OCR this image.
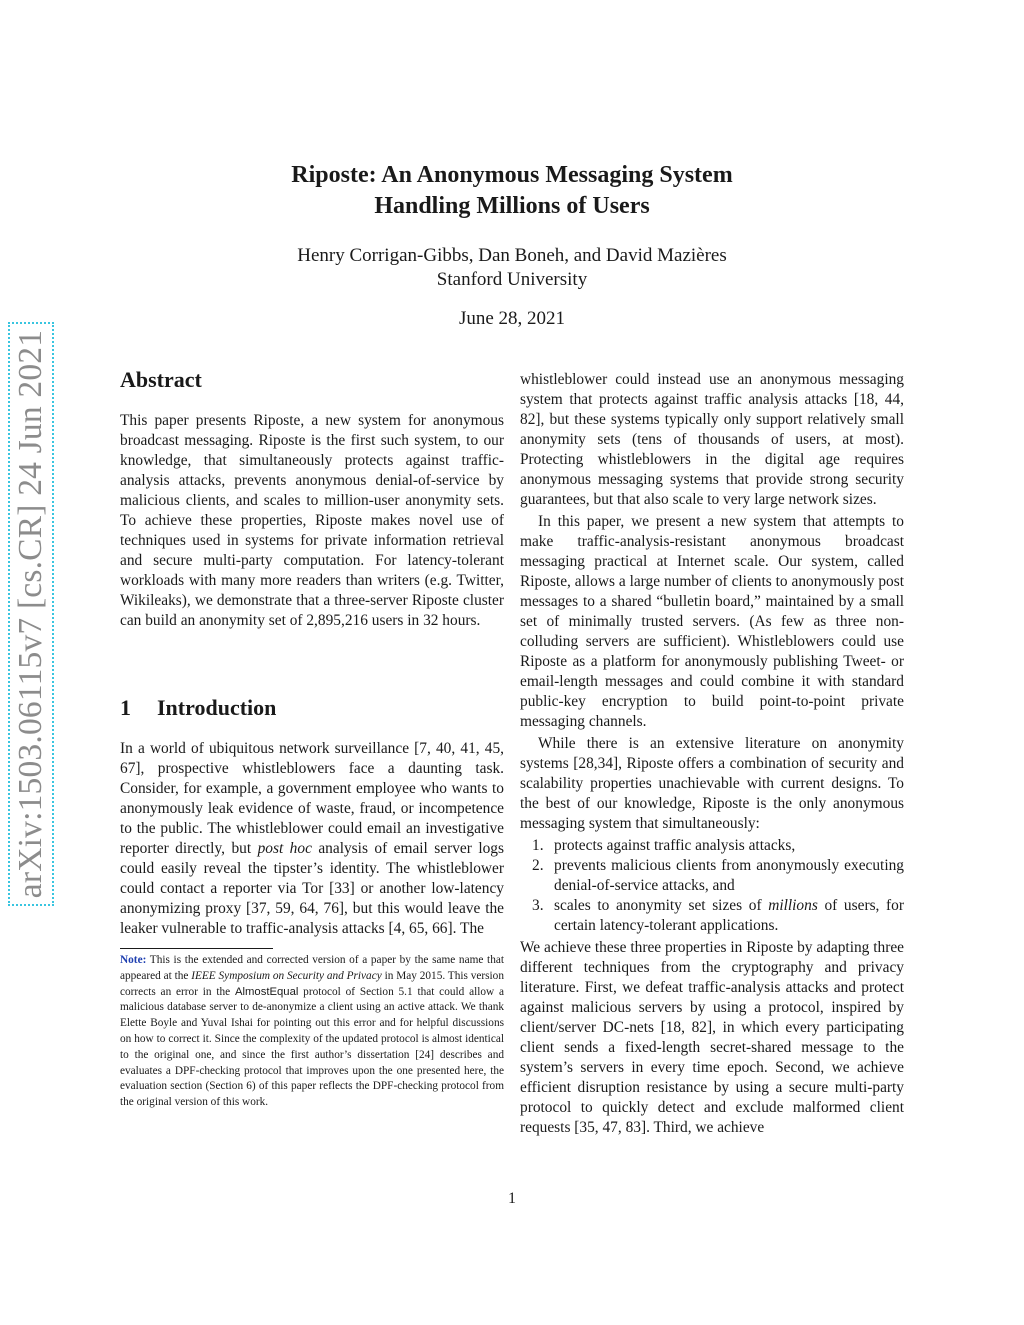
arXiv:1503.06115v7 [cs.CR] 24 Jun 2021
Riposte: An Anonymous Messaging System
Handling Millions of Users
Henry Corrigan-Gibbs, Dan Boneh, and David Mazières
Stanford University
June 28, 2021
Abstract

This paper presents Riposte, a new system for anonymous broadcast messaging. Riposte is the first such system, to our knowledge, that simultaneously protects against traffic-analysis attacks, prevents anonymous denial-of-service by malicious clients, and scales to million-user anonymity sets. To achieve these properties, Riposte makes novel use of techniques used in systems for private information retrieval and secure multi-party computation. For latency-tolerant workloads with many more readers than writers (e.g. Twitter, Wikileaks), we demonstrate that a three-server Riposte cluster can build an anonymity set of 2,895,216 users in 32 hours.

1 Introduction

In a world of ubiquitous network surveillance [7, 40, 41, 45, 67], prospective whistleblowers face a daunting task. Consider, for example, a government employee who wants to anonymously leak evidence of waste, fraud, or incompetence to the public. The whistleblower could email an investigative reporter directly, but post hoc analysis of email server logs could easily reveal the tipster’s identity. The whistleblower could contact a reporter via Tor [33] or another low-latency anonymizing proxy [37, 59, 64, 76], but this would leave the leaker vulnerable to traffic-analysis attacks [4, 65, 66]. The

Note: This is the extended and corrected version of a paper by the same name that appeared at the IEEE Symposium on Security and Privacy in May 2015. This version corrects an error in the AlmostEqual protocol of Section 5.1 that could allow a malicious database server to de-anonymize a client using an active attack. We thank Elette Boyle and Yuval Ishai for pointing out this error and for helpful discussions on how to correct it. Since the complexity of the updated protocol is almost identical to the original one, and since the first author’s dissertation [24] describes and evaluates a DPF-checking protocol that improves upon the one presented here, the evaluation section (Section 6) of this paper reflects the DPF-checking protocol from the original version of this work.

whistleblower could instead use an anonymous messaging system that protects against traffic analysis attacks [18, 44, 82], but these systems typically only support relatively small anonymity sets (tens of thousands of users, at most). Protecting whistleblowers in the digital age requires anonymous messaging systems that provide strong security guarantees, but that also scale to very large network sizes.

In this paper, we present a new system that attempts to make traffic-analysis-resistant anonymous broadcast messaging practical at Internet scale. Our system, called Riposte, allows a large number of clients to anonymously post messages to a shared “bulletin board,” maintained by a small set of minimally trusted servers. (As few as three non-colluding servers are sufficient). Whistleblowers could use Riposte as a platform for anonymously publishing Tweet- or email-length messages and could combine it with standard public-key encryption to build point-to-point private messaging channels.

While there is an extensive literature on anonymity systems [28,34], Riposte offers a combination of security and scalability properties unachievable with current designs. To the best of our knowledge, Riposte is the only anonymous messaging system that simultaneously:

1. protects against traffic analysis attacks,
2. prevents malicious clients from anonymously executing denial-of-service attacks, and
3. scales to anonymity set sizes of millions of users, for certain latency-tolerant applications.

We achieve these three properties in Riposte by adapting three different techniques from the cryptography and privacy literature. First, we defeat traffic-analysis attacks and protect against malicious servers by using a protocol, inspired by client/server DC-nets [18, 82], in which every participating client sends a fixed-length secret-shared message to the system’s servers in every time epoch. Second, we achieve efficient disruption resistance by using a secure multi-party protocol to quickly detect and exclude malformed client requests [35, 47, 83]. Third, we achieve

1
